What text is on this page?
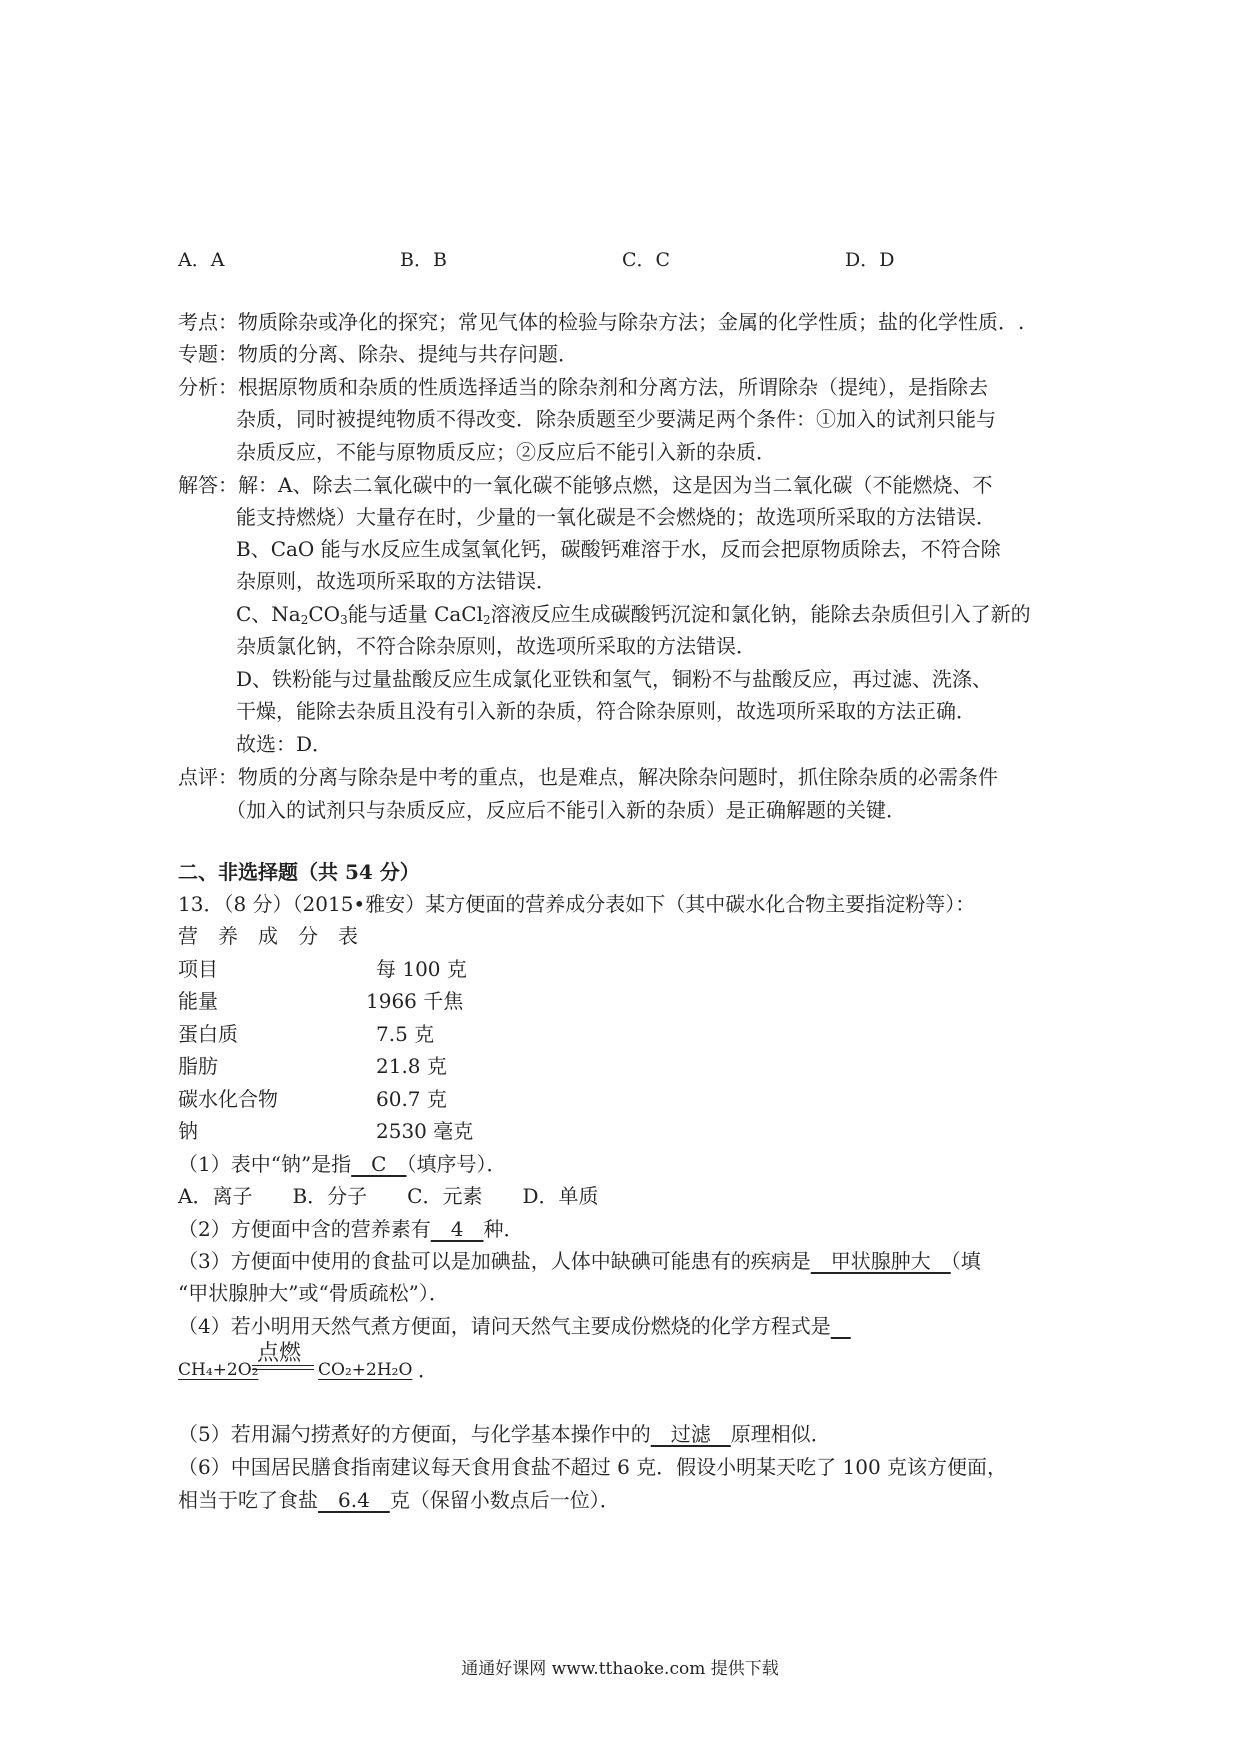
A．A	B．B	C．C	D．D
考点：物质除杂或净化的探究；常见气体的检验与除杂方法；金属的化学性质；盐的化学性质．.
专题：物质的分离、除杂、提纯与共存问题．
分析：根据原物质和杂质的性质选择适当的除杂剂和分离方法，所谓除杂（提纯），是指除去
杂质，同时被提纯物质不得改变．除杂质题至少要满足两个条件：①加入的试剂只能与
杂质反应，不能与原物质反应；②反应后不能引入新的杂质．
解答：解：A、除去二氧化碳中的一氧化碳不能够点燃，这是因为当二氧化碳（不能燃烧、不
能支持燃烧）大量存在时，少量的一氧化碳是不会燃烧的；故选项所采取的方法错误．
B、CaO 能与水反应生成氢氧化钙，碳酸钙难溶于水，反而会把原物质除去，不符合除
杂原则，故选项所采取的方法错误．
C、$Na_2CO_3$能与适量 CaCl$_2$溶液反应生成碳酸钙沉淀和氯化钠，能除去杂质但引入了新的
杂质氯化钠，不符合除杂原则，故选项所采取的方法错误．
D、铁粉能与过量盐酸反应生成氯化亚铁和氢气，铜粉不与盐酸反应，再过滤、洗涤、
干燥，能除去杂质且没有引入新的杂质，符合除杂原则，故选项所采取的方法正确．
故选：D．
点评：物质的分离与除杂是中考的重点，也是难点，解决除杂问题时，抓住除杂质的必需条件
（加入的试剂只与杂质反应，反应后不能引入新的杂质）是正确解题的关键．
二、非选择题（共 54 分）
13．（8 分）（2015•雅安）某方便面的营养成分表如下（其中碳水化合物主要指淀粉等）：
营　养　成　分　表
项目	每 100 克
能量	1966 千焦
蛋白质	7.5 克
脂肪	21.8 克
碳水化合物	60.7 克
钠	2530 毫克
（1）表中“钠”是指　C　（填序号）．
A．离子　　B．分子　　C．元素　　D．单质
（2）方便面中含的营养素有　4　种．
（3）方便面中使用的食盐可以是加碘盐，人体中缺碘可能患有的疾病是　甲状腺肿大　（填
“甲状腺肿大”或“骨质疏松”）．
（4）若小明用天然气煮方便面，请问天然气主要成份燃烧的化学方程式是　
点燃
CH₄+2O₂	CO₂+2H₂O ．
（5）若用漏勺捞煮好的方便面，与化学基本操作中的　过滤　原理相似．
（6）中国居民膳食指南建议每天食用食盐不超过 6 克．假设小明某天吃了 100 克该方便面，
相当于吃了食盐　6.4　克（保留小数点后一位）．
通通好课网 www.tthaoke.com 提供下载
